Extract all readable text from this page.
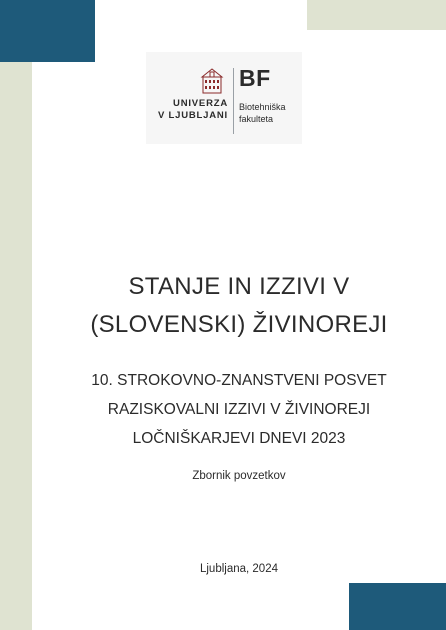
UNIVERZA
V LJUBLJANI
BF
Biotehniška
fakulteta
STANJE IN IZZIVI V
(SLOVENSKI) ŽIVINOREJI
10. STROKOVNO-ZNANSTVENI POSVET
RAZISKOVALNI IZZIVI V ŽIVINOREJI
LOČNIŠKARJEVI DNEVI 2023
Zbornik povzetkov
Ljubljana, 2024
